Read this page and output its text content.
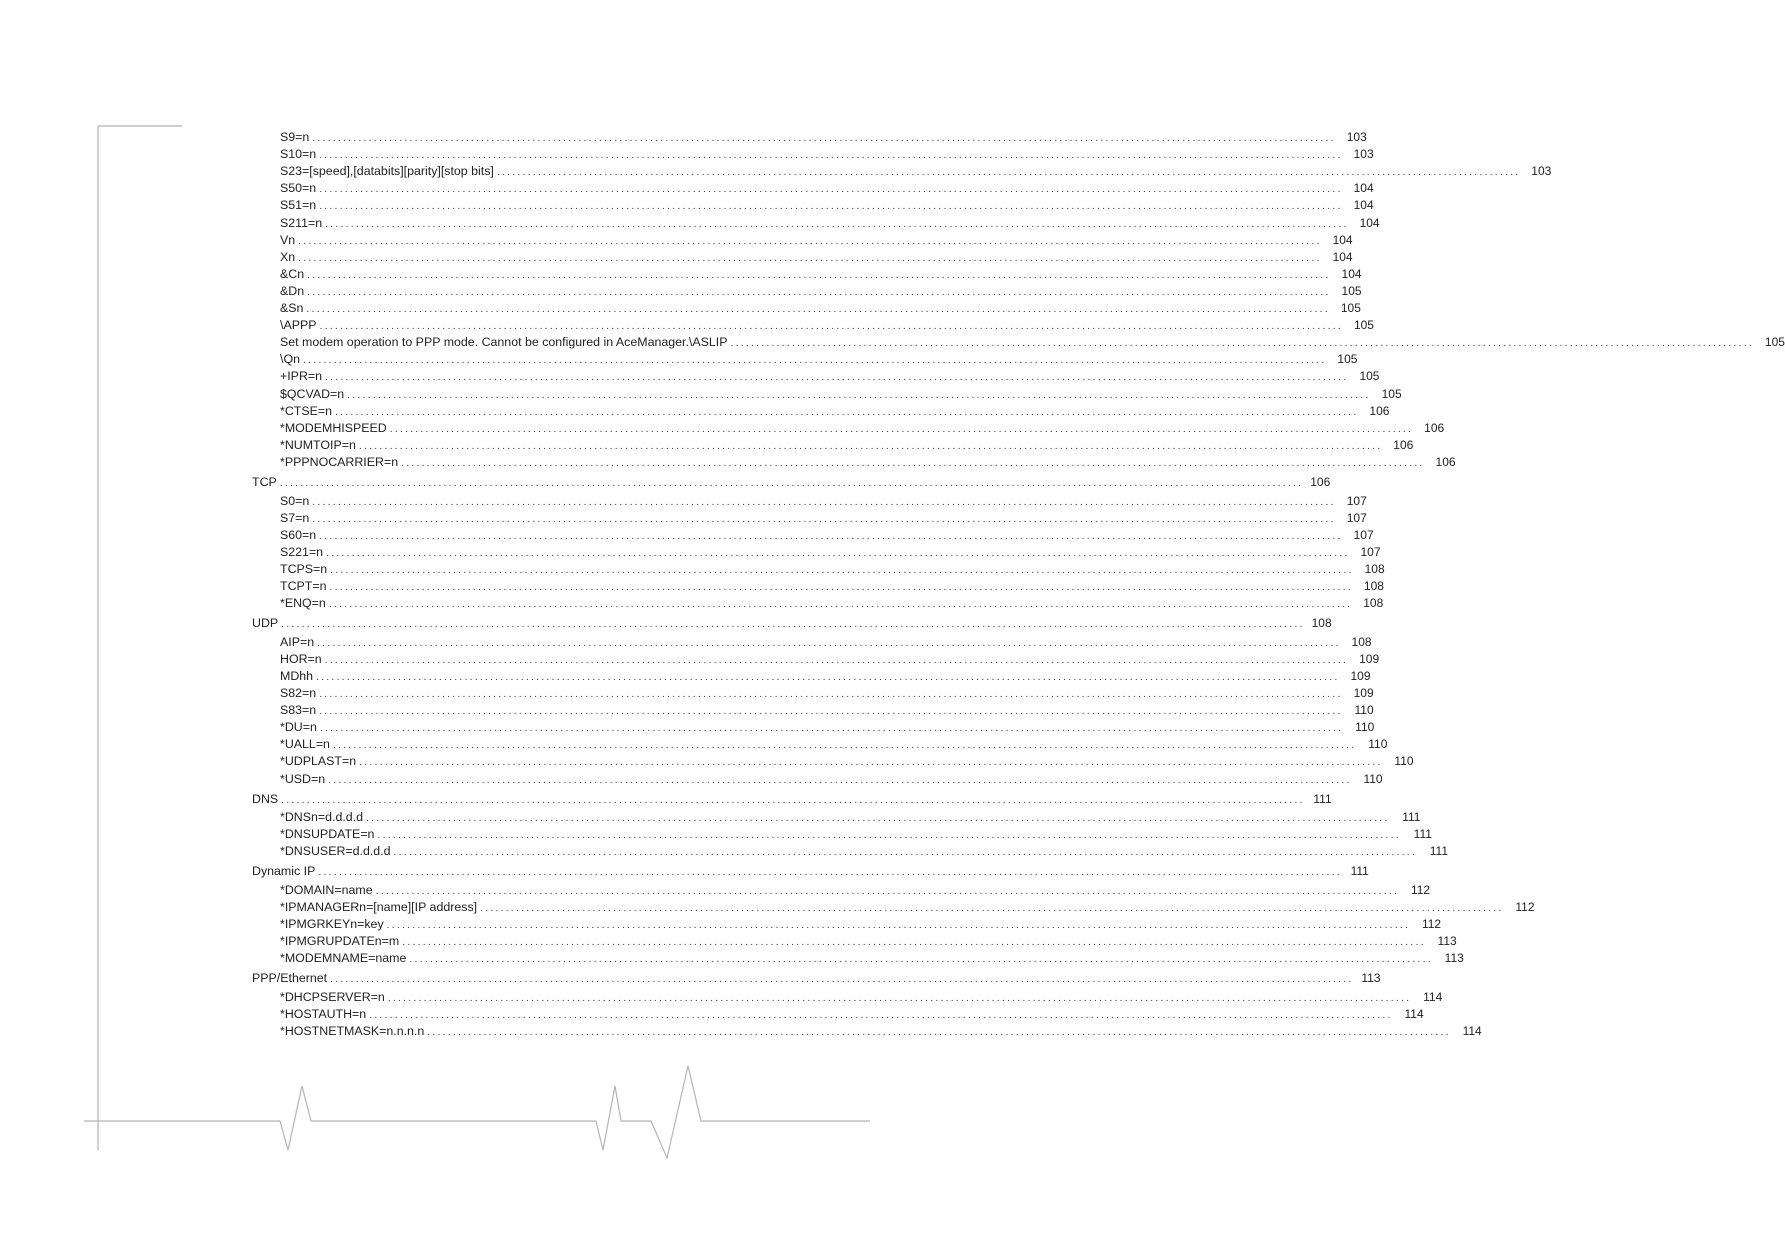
S9=n ........................................................................................................................................................................................................ 103
S10=n ........................................................................................................................................................................................................ 103
S23=[speed],[databits][parity][stop bits] ........................................................................................................................................................................................................ 103
S50=n ........................................................................................................................................................................................................ 104
S51=n ........................................................................................................................................................................................................ 104
S211=n ........................................................................................................................................................................................................ 104
Vn ........................................................................................................................................................................................................ 104
Xn ........................................................................................................................................................................................................ 104
&Cn ........................................................................................................................................................................................................ 104
&Dn ........................................................................................................................................................................................................ 105
&Sn ........................................................................................................................................................................................................ 105
\APPP ........................................................................................................................................................................................................ 105
Set modem operation to PPP mode. Cannot be configured in AceManager.\ASLIP ........................................................................................................................................................................................................ 105
\Qn ........................................................................................................................................................................................................ 105
+IPR=n ........................................................................................................................................................................................................ 105
$QCVAD=n ........................................................................................................................................................................................................ 105
*CTSE=n ........................................................................................................................................................................................................ 106
*MODEMHISPEED ........................................................................................................................................................................................................ 106
*NUMTOIP=n ........................................................................................................................................................................................................ 106
*PPPNOCARRIER=n ........................................................................................................................................................................................................ 106
TCP ........................................................................................................................................................................................................ 106
S0=n ........................................................................................................................................................................................................ 107
S7=n ........................................................................................................................................................................................................ 107
S60=n ........................................................................................................................................................................................................ 107
S221=n ........................................................................................................................................................................................................ 107
TCPS=n ........................................................................................................................................................................................................ 108
TCPT=n ........................................................................................................................................................................................................ 108
*ENQ=n ........................................................................................................................................................................................................ 108
UDP ........................................................................................................................................................................................................ 108
AIP=n ........................................................................................................................................................................................................ 108
HOR=n ........................................................................................................................................................................................................ 109
MDhh ........................................................................................................................................................................................................ 109
S82=n ........................................................................................................................................................................................................ 109
S83=n ........................................................................................................................................................................................................ 110
*DU=n ........................................................................................................................................................................................................ 110
*UALL=n ........................................................................................................................................................................................................ 110
*UDPLAST=n ........................................................................................................................................................................................................ 110
*USD=n ........................................................................................................................................................................................................ 110
DNS ........................................................................................................................................................................................................ 111
*DNSn=d.d.d.d ........................................................................................................................................................................................................	111
*DNSUPDATE=n ........................................................................................................................................................................................................	111
*DNSUSER=d.d.d.d ........................................................................................................................................................................................................	111
Dynamic IP ........................................................................................................................................................................................................ 111
*DOMAIN=name ........................................................................................................................................................................................................ 112
*IPMANAGERn=[name][IP address] ........................................................................................................................................................................................................ 112
*IPMGRKEYn=key ........................................................................................................................................................................................................ 112
*IPMGRUPDATEn=m ........................................................................................................................................................................................................ 113
*MODEMNAME=name ........................................................................................................................................................................................................ 113
PPP/Ethernet ........................................................................................................................................................................................................ 113
*DHCPSERVER=n ........................................................................................................................................................................................................ 114
*HOSTAUTH=n ........................................................................................................................................................................................................ 114
*HOSTNETMASK=n.n.n.n ........................................................................................................................................................................................................ 114
